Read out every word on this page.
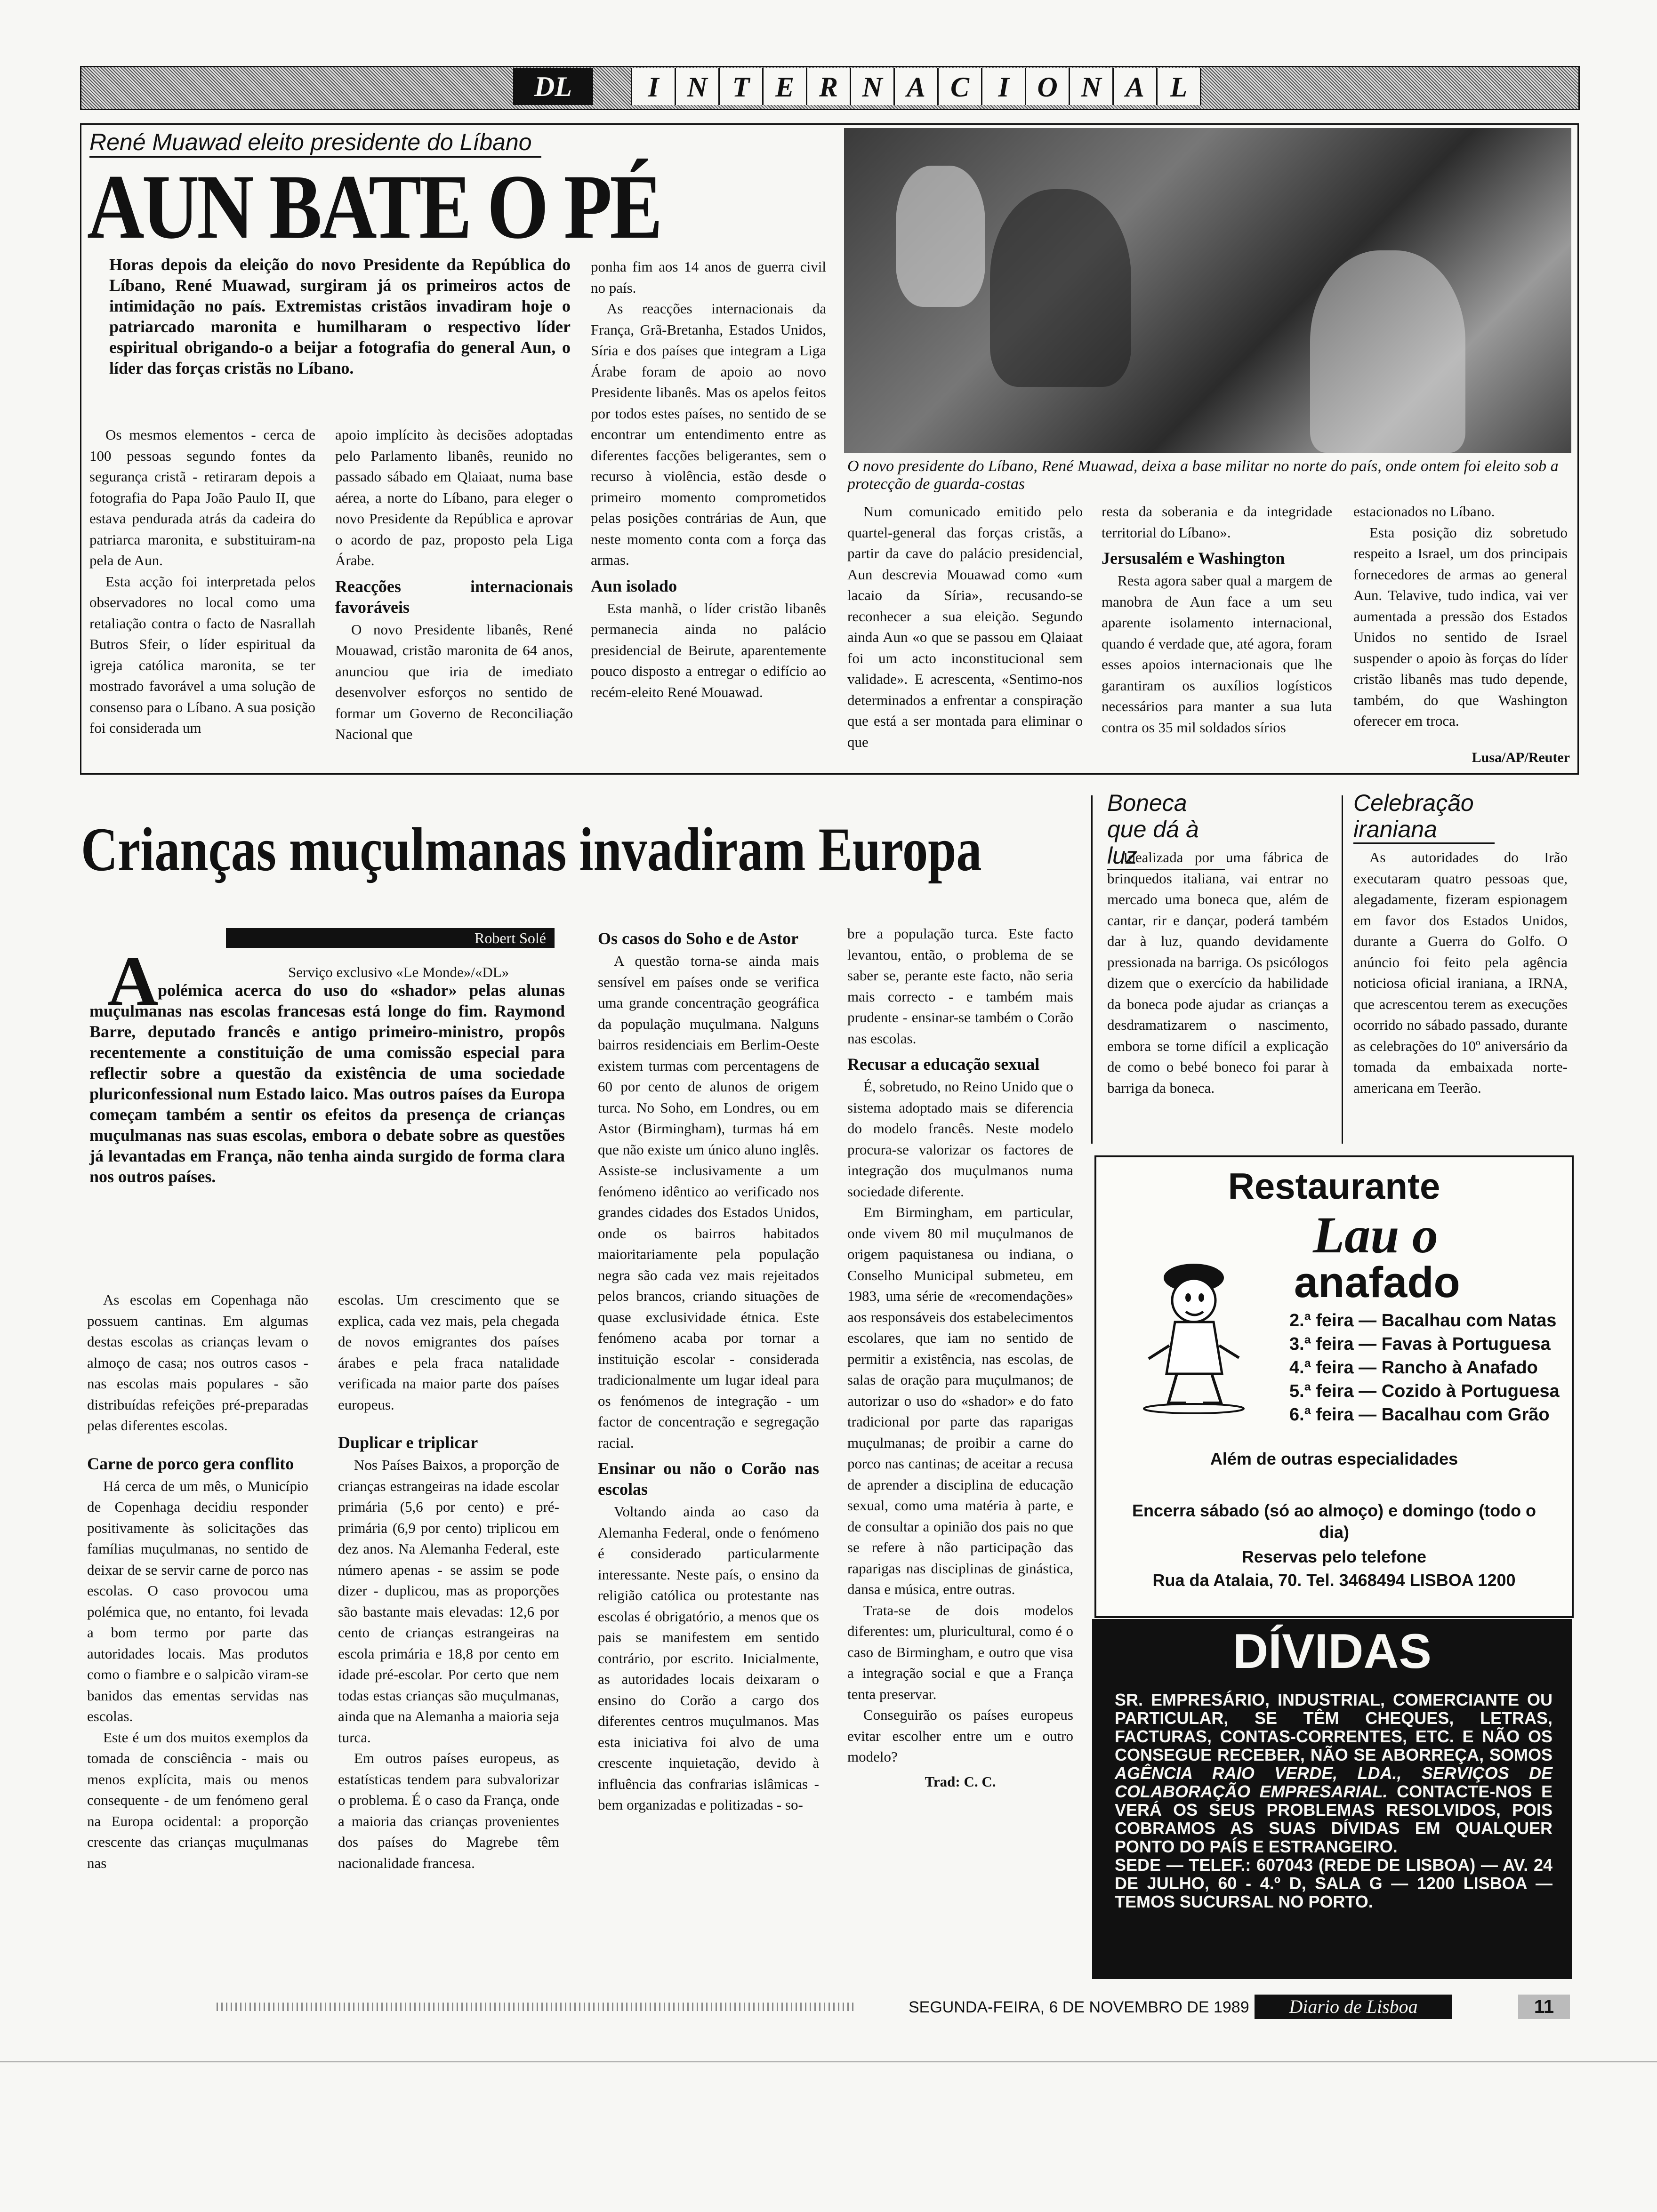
DL	I N T E R N A C I O N A L
René Muawad eleito presidente do Líbano
AUN BATE O PÉ
Horas depois da eleição do novo Presidente da República do Líbano, René Muawad, surgiram já os primeiros actos de intimidação no país. Extremistas cristãos invadiram hoje o patriarcado maronita e humilharam o respectivo líder espiritual obrigando-o a beijar a fotografia do general Aun, o líder das forças cristãs no Líbano.

Os mesmos elementos - cerca de 100 pessoas segundo fontes da segurança cristã - retiraram depois a fotografia do Papa João Paulo II, que estava pendurada atrás da cadeira do patriarca maronita, e substituiram-na pela de Aun.

Esta acção foi interpretada pelos observadores no local como uma retaliação contra o facto de Nasrallah Butros Sfeir, o líder espiritual da igreja católica maronita, se ter mostrado favorável a uma solução de consenso para o Líbano. A sua posição foi considerada um

apoio implícito às decisões adoptadas pelo Parlamento libanês, reunido no passado sábado em Qlaiaat, numa base aérea, a norte do Líbano, para eleger o novo Presidente da República e aprovar o acordo de paz, proposto pela Liga Árabe.

Reacções internacionais favoráveis

O novo Presidente libanês, René Mouawad, cristão maronita de 64 anos, anunciou que iria de imediato desenvolver esforços no sentido de formar um Governo de Reconciliação Nacional que

ponha fim aos 14 anos de guerra civil no país.

As reacções internacionais da França, Grã-Bretanha, Estados Unidos, Síria e dos países que integram a Liga Árabe foram de apoio ao novo Presidente libanês. Mas os apelos feitos por todos estes países, no sentido de se encontrar um entendimento entre as diferentes facções beligerantes, sem o recurso à violência, estão desde o primeiro momento comprometidos pelas posições contrárias de Aun, que neste momento conta com a força das armas.

Aun isolado

Esta manhã, o líder cristão libanês permanecia ainda no palácio presidencial de Beirute, aparentemente pouco disposto a entregar o edifício ao recém-eleito René Mouawad.

O novo presidente do Líbano, René Muawad, deixa a base militar no norte do país, onde ontem foi eleito sob a protecção de guarda-costas

Num comunicado emitido pelo quartel-general das forças cristãs, a partir da cave do palácio presidencial, Aun descrevia Mouawad como «um lacaio da Síria», recusando-se reconhecer a sua eleição. Segundo ainda Aun «o que se passou em Qlaiaat foi um acto inconstitucional sem validade». E acrescenta, «Sentimo-nos determinados a enfrentar a conspiração que está a ser montada para eliminar o que

resta da soberania e da integridade territorial do Líbano».

Jersusalém e Washington

Resta agora saber qual a margem de manobra de Aun face a um seu aparente isolamento internacional, quando é verdade que, até agora, foram esses apoios internacionais que lhe garantiram os auxílios logísticos necessários para manter a sua luta contra os 35 mil soldados sírios

estacionados no Líbano.

Esta posição diz sobretudo respeito a Israel, um dos principais fornecedores de armas ao general Aun. Telavive, tudo indica, vai ver aumentada a pressão dos Estados Unidos no sentido de Israel suspender o apoio às forças do líder cristão libanês mas tudo depende, também, do que Washington oferecer em troca.

Lusa/AP/Reuter
Crianças muçulmanas invadiram Europa
Robert Solé
A	Serviço exclusivo «Le Monde»/«DL»
polémica acerca do uso do «shador» pelas alunas muçulmanas nas escolas francesas está longe do fim. Raymond Barre, deputado francês e antigo primeiro-ministro, propôs recentemente a constituição de uma comissão especial para reflectir sobre a questão da existência de uma sociedade pluriconfessional num Estado laico. Mas outros países da Europa começam também a sentir os efeitos da presença de crianças muçulmanas nas suas escolas, embora o debate sobre as questões já levantadas em França, não tenha ainda surgido de forma clara nos outros países.

As escolas em Copenhaga não possuem cantinas. Em algumas destas escolas as crianças levam o almoço de casa; nos outros casos - nas escolas mais populares - são distribuídas refeições pré-preparadas pelas diferentes escolas.

Carne de porco gera conflito

Há cerca de um mês, o Município de Copenhaga decidiu responder positivamente às solicitações das famílias muçulmanas, no sentido de deixar de se servir carne de porco nas escolas. O caso provocou uma polémica que, no entanto, foi levada a bom termo por parte das autoridades locais. Mas produtos como o fiambre e o salpicão viram-se banidos das ementas servidas nas escolas.

Este é um dos muitos exemplos da tomada de consciência - mais ou menos explícita, mais ou menos consequente - de um fenómeno geral na Europa ocidental: a proporção crescente das crianças muçulmanas nas

escolas. Um crescimento que se explica, cada vez mais, pela chegada de novos emigrantes dos países árabes e pela fraca natalidade verificada na maior parte dos países europeus.

Duplicar e triplicar

Nos Países Baixos, a proporção de crianças estrangeiras na idade escolar primária (5,6 por cento) e pré-primária (6,9 por cento) triplicou em dez anos. Na Alemanha Federal, este número apenas - se assim se pode dizer - duplicou, mas as proporções são bastante mais elevadas: 12,6 por cento de crianças estrangeiras na escola primária e 18,8 por cento em idade pré-escolar. Por certo que nem todas estas crianças são muçulmanas, ainda que na Alemanha a maioria seja turca.

Em outros países europeus, as estatísticas tendem para subvalorizar o problema. É o caso da França, onde a maioria das crianças provenientes dos países do Magrebe têm nacionalidade francesa.

Os casos do Soho e de Astor

A questão torna-se ainda mais sensível em países onde se verifica uma grande concentração geográfica da população muçulmana. Nalguns bairros residenciais em Berlim-Oeste existem turmas com percentagens de 60 por cento de alunos de origem turca. No Soho, em Londres, ou em Astor (Birmingham), turmas há em que não existe um único aluno inglês. Assiste-se inclusivamente a um fenómeno idêntico ao verificado nos grandes cidades dos Estados Unidos, onde os bairros habitados maioritariamente pela população negra são cada vez mais rejeitados pelos brancos, criando situações de quase exclusividade étnica. Este fenómeno acaba por tornar a instituição escolar - considerada tradicionalmente um lugar ideal para os fenómenos de integração - um factor de concentração e segregação racial.

Ensinar ou não o Corão nas escolas

Voltando ainda ao caso da Alemanha Federal, onde o fenómeno é considerado particularmente interessante. Neste país, o ensino da religião católica ou protestante nas escolas é obrigatório, a menos que os pais se manifestem em sentido contrário, por escrito. Inicialmente, as autoridades locais deixaram o ensino do Corão a cargo dos diferentes centros muçulmanos. Mas esta iniciativa foi alvo de uma crescente inquietação, devido à influência das confrarias islâmicas - bem organizadas e politizadas - so-

bre a população turca. Este facto levantou, então, o problema de se saber se, perante este facto, não seria mais correcto - e também mais prudente - ensinar-se também o Corão nas escolas.

Recusar a educação sexual

É, sobretudo, no Reino Unido que o sistema adoptado mais se diferencia do modelo francês. Neste modelo procura-se valorizar os factores de integração dos muçulmanos numa sociedade diferente.

Em Birmingham, em particular, onde vivem 80 mil muçulmanos de origem paquistanesa ou indiana, o Conselho Municipal submeteu, em 1983, uma série de «recomendações» aos responsáveis dos estabelecimentos escolares, que iam no sentido de permitir a existência, nas escolas, de salas de oração para muçulmanos; de autorizar o uso do «shador» e do fato tradicional por parte das raparigas muçulmanas; de proibir a carne do porco nas cantinas; de aceitar a recusa de aprender a disciplina de educação sexual, como uma matéria à parte, e de consultar a opinião dos pais no que se refere à não participação das raparigas nas disciplinas de ginástica, dansa e música, entre outras.

Trata-se de dois modelos diferentes: um, pluricultural, como é o caso de Birmingham, e outro que visa a integração social e que a França tenta preservar.

Conseguirão os países europeus evitar escolher entre um e outro modelo?

Trad: C. C.
Boneca que dá à luz

Idealizada por uma fábrica de brinquedos italiana, vai entrar no mercado uma boneca que, além de cantar, rir e dançar, poderá também dar à luz, quando devidamente pressionada na barriga. Os psicólogos dizem que o exercício da habilidade da boneca pode ajudar as crianças a desdramatizarem o nascimento, embora se torne difícil a explicação de como o bebé boneco foi parar à barriga da boneca.

Celebração iraniana

As autoridades do Irão executaram quatro pessoas que, alegadamente, fizeram espionagem em favor dos Estados Unidos, durante a Guerra do Golfo. O anúncio foi feito pela agência noticiosa oficial iraniana, a IRNA, que acrescentou terem as execuções ocorrido no sábado passado, durante as celebrações do 10º aniversário da tomada da embaixada norte-americana em Teerão.

Restaurante
Lau o
anafado
2.ª feira — Bacalhau com Natas
3.ª feira — Favas à Portuguesa
4.ª feira — Rancho à Anafado
5.ª feira — Cozido à Portuguesa
6.ª feira — Bacalhau com Grão
Além de outras especialidades
Encerra sábado (só ao almoço) e domingo (todo o dia)
Reservas pelo telefone
Rua da Atalaia, 70. Tel. 3468494 LISBOA 1200
DÍVIDAS
SR. EMPRESÁRIO, INDUSTRIAL, COMERCIANTE OU PARTICULAR, SE TÊM CHEQUES, LETRAS, FACTURAS, CONTAS-CORRENTES, ETC. E NÃO OS CONSEGUE RECEBER, NÃO SE ABORREÇA, SOMOS AGÊNCIA RAIO VERDE, LDA., SERVIÇOS DE COLABORAÇÃO EMPRESARIAL. CONTACTE-NOS E VERÁ OS SEUS PROBLEMAS RESOLVIDOS, POIS COBRAMOS AS SUAS DÍVIDAS EM QUALQUER PONTO DO PAÍS E ESTRANGEIRO.
SEDE — TELEF.: 607043 (REDE DE LISBOA) — AV. 24 DE JULHO, 60 - 4.º D, SALA G — 1200 LISBOA — TEMOS SUCURSAL NO PORTO.
SEGUNDA-FEIRA, 6 DE NOVEMBRO DE 1989	Diario de Lisboa	11
